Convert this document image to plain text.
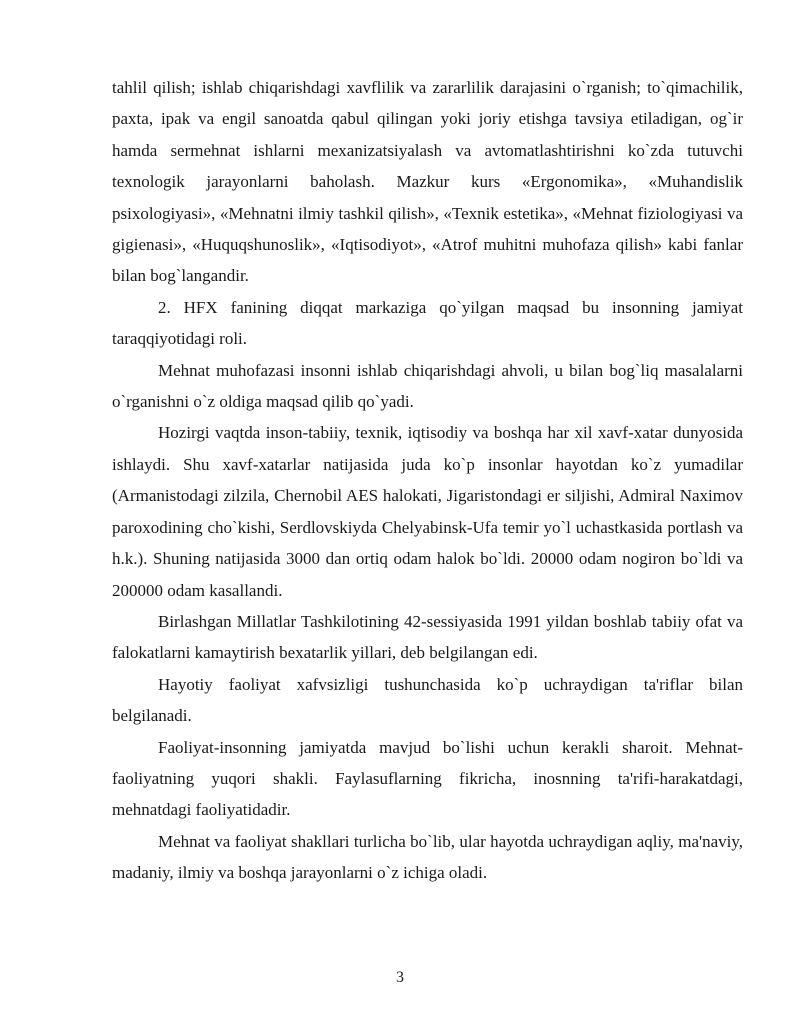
tahlil qilish; ishlab chiqarishdagi xavflilik va zararlilik darajasini o`rganish; to`qimachilik, paxta, ipak va engil sanoatda qabul qilingan yoki joriy etishga tavsiya etiladigan, og`ir hamda sermehnat ishlarni mexanizatsiyalash va avtomatlashtirishni ko`zda tutuvchi texnologik jarayonlarni baholash. Mazkur kurs «Ergonomika», «Muhandislik psixologiyasi», «Mehnatni ilmiy tashkil qilish», «Texnik estetika», «Mehnat fiziologiyasi va gigienasi», «Huquqshunoslik», «Iqtisodiyot», «Atrof muhitni muhofaza qilish» kabi fanlar bilan bog`langandir.

2. HFX fanining diqqat markaziga qo`yilgan maqsad bu insonning jamiyat taraqqiyotidagi roli.

Mehnat muhofazasi insonni ishlab chiqarishdagi ahvoli, u bilan bog`liq masalalarni o`rganishni o`z oldiga maqsad qilib qo`yadi.

Hozirgi vaqtda inson-tabiiy, texnik, iqtisodiy va boshqa har xil xavf-xatar dunyosida ishlaydi. Shu xavf-xatarlar natijasida juda ko`p insonlar hayotdan ko`z yumadilar (Armanistodagi zilzila, Chernobil AES halokati, Jigaristondagi er siljishi, Admiral Naximov paroxodining cho`kishi, Serdlovskiyda Chelyabinsk-Ufa temir yo`l uchastkasida portlash va h.k.). Shuning natijasida 3000 dan ortiq odam halok bo`ldi. 20000 odam nogiron bo`ldi va 200000 odam kasallandi.

Birlashgan Millatlar Tashkilotining 42-sessiyasida 1991 yildan boshlab tabiiy ofat va falokatlarni kamaytirish bexatarlik yillari, deb belgilangan edi.

Hayotiy faoliyat xafvsizligi tushunchasida ko`p uchraydigan ta'riflar bilan belgilanadi.

Faoliyat-insonning jamiyatda mavjud bo`lishi uchun kerakli sharoit. Mehnat-faoliyatning yuqori shakli. Faylasuflarning fikricha, inosnning ta'rifi-harakatdagi, mehnatdagi faoliyatidadir.

Mehnat va faoliyat shakllari turlicha bo`lib, ular hayotda uchraydigan aqliy, ma'naviy, madaniy, ilmiy va boshqa jarayonlarni o`z ichiga oladi.

3
